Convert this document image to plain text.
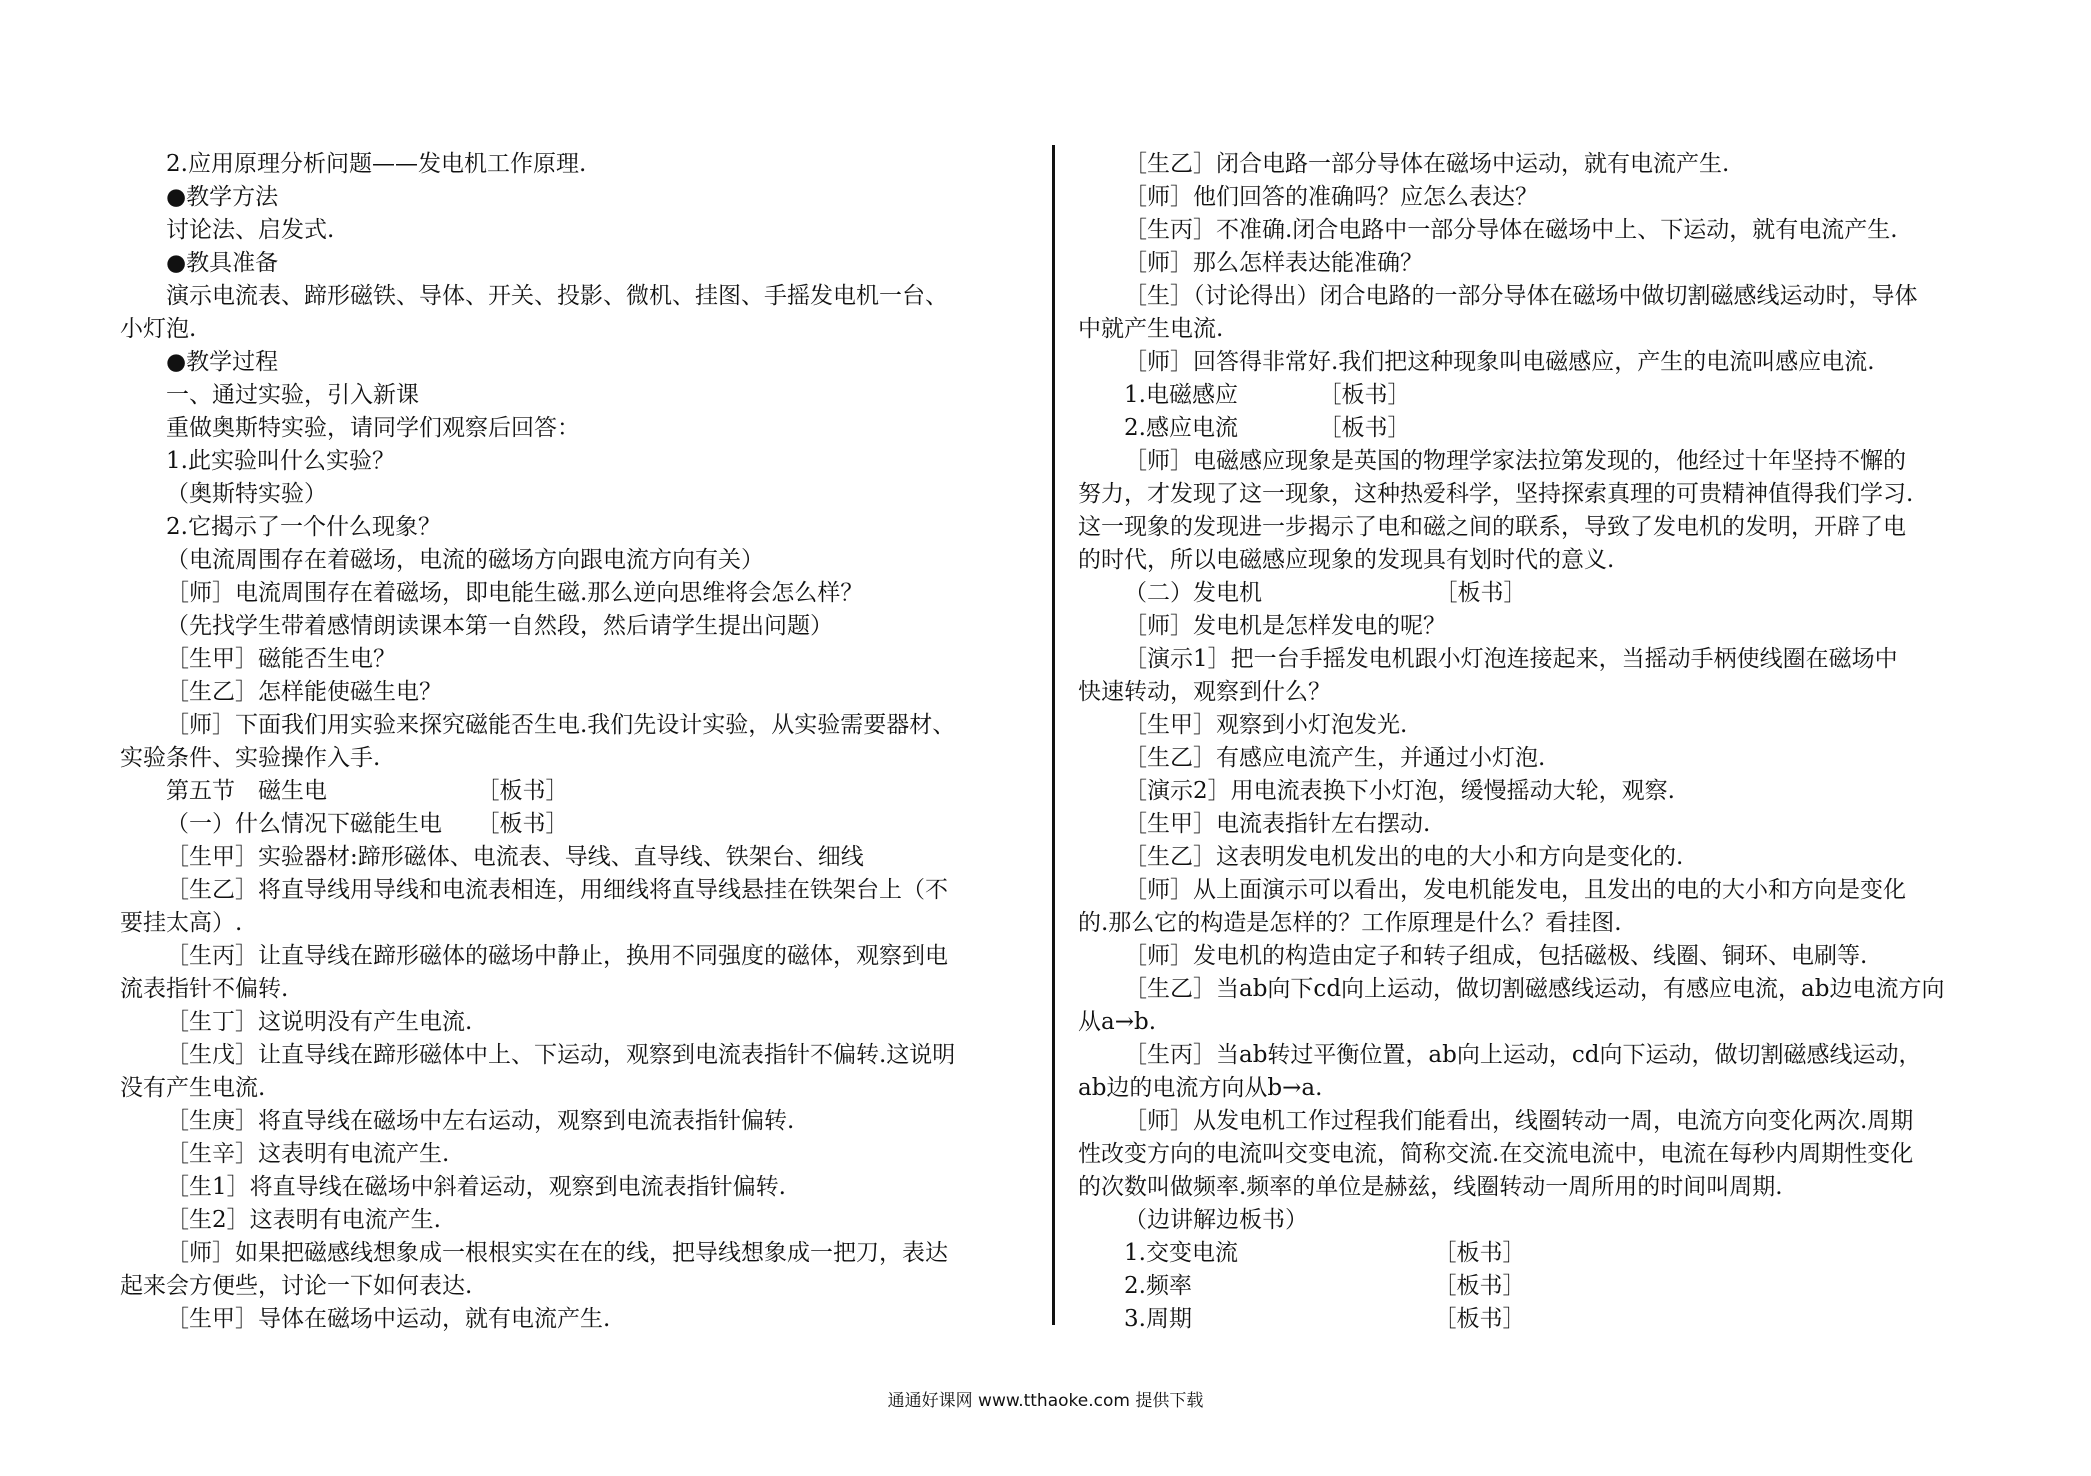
2.应用原理分析问题——发电机工作原理.
●教学方法
讨论法、启发式.
●教具准备
演示电流表、蹄形磁铁、导体、开关、投影、微机、挂图、手摇发电机一台、
小灯泡.
●教学过程
一、通过实验，引入新课
重做奥斯特实验，请同学们观察后回答：
1.此实验叫什么实验？
（奥斯特实验）
2.它揭示了一个什么现象？
（电流周围存在着磁场，电流的磁场方向跟电流方向有关）
［师］电流周围存在着磁场，即电能生磁.那么逆向思维将会怎么样？
（先找学生带着感情朗读课本第一自然段，然后请学生提出问题）
［生甲］磁能否生电？
［生乙］怎样能使磁生电？
［师］下面我们用实验来探究磁能否生电.我们先设计实验，从实验需要器材、
实验条件、实验操作入手.
第五节　磁生电　　　　　　　［板书］
（一）什么情况下磁能生电　　［板书］
［生甲］实验器材:蹄形磁体、电流表、导线、直导线、铁架台、细线
［生乙］将直导线用导线和电流表相连，用细线将直导线悬挂在铁架台上（不
要挂太高）.
［生丙］让直导线在蹄形磁体的磁场中静止，换用不同强度的磁体，观察到电
流表指针不偏转.
［生丁］这说明没有产生电流.
［生戊］让直导线在蹄形磁体中上、下运动，观察到电流表指针不偏转.这说明
没有产生电流.
［生庚］将直导线在磁场中左右运动，观察到电流表指针偏转.
［生辛］这表明有电流产生.
［生1］将直导线在磁场中斜着运动，观察到电流表指针偏转.
［生2］这表明有电流产生.
［师］如果把磁感线想象成一根根实实在在的线，把导线想象成一把刀，表达
起来会方便些，讨论一下如何表达.
［生甲］导体在磁场中运动，就有电流产生.
［生乙］闭合电路一部分导体在磁场中运动，就有电流产生.
［师］他们回答的准确吗？应怎么表达？
［生丙］不准确.闭合电路中一部分导体在磁场中上、下运动，就有电流产生.
［师］那么怎样表达能准确？
［生］（讨论得出）闭合电路的一部分导体在磁场中做切割磁感线运动时，导体
中就产生电流.
［师］回答得非常好.我们把这种现象叫电磁感应，产生的电流叫感应电流.
1.电磁感应　　　　［板书］
2.感应电流　　　　［板书］
［师］电磁感应现象是英国的物理学家法拉第发现的，他经过十年坚持不懈的
努力，才发现了这一现象，这种热爱科学，坚持探索真理的可贵精神值得我们学习.
这一现象的发现进一步揭示了电和磁之间的联系，导致了发电机的发明，开辟了电
的时代，所以电磁感应现象的发现具有划时代的意义.
（二）发电机　　　　　　　　［板书］
［师］发电机是怎样发电的呢？
［演示1］把一台手摇发电机跟小灯泡连接起来，当摇动手柄使线圈在磁场中
快速转动，观察到什么？
［生甲］观察到小灯泡发光.
［生乙］有感应电流产生，并通过小灯泡.
［演示2］用电流表换下小灯泡，缓慢摇动大轮，观察.
［生甲］电流表指针左右摆动.
［生乙］这表明发电机发出的电的大小和方向是变化的.
［师］从上面演示可以看出，发电机能发电，且发出的电的大小和方向是变化
的.那么它的构造是怎样的？工作原理是什么？看挂图.
［师］发电机的构造由定子和转子组成，包括磁极、线圈、铜环、电刷等.
［生乙］当ab向下cd向上运动，做切割磁感线运动，有感应电流，ab边电流方向
从a→b.
［生丙］当ab转过平衡位置，ab向上运动，cd向下运动，做切割磁感线运动，
ab边的电流方向从b→a.
［师］从发电机工作过程我们能看出，线圈转动一周，电流方向变化两次.周期
性改变方向的电流叫交变电流，简称交流.在交流电流中，电流在每秒内周期性变化
的次数叫做频率.频率的单位是赫兹，线圈转动一周所用的时间叫周期.
（边讲解边板书）
1.交变电流　　　　　　　　　［板书］
2.频率　　　　　　　　　　　［板书］
3.周期　　　　　　　　　　　［板书］
通通好课网 www.tthaoke.com 提供下载
